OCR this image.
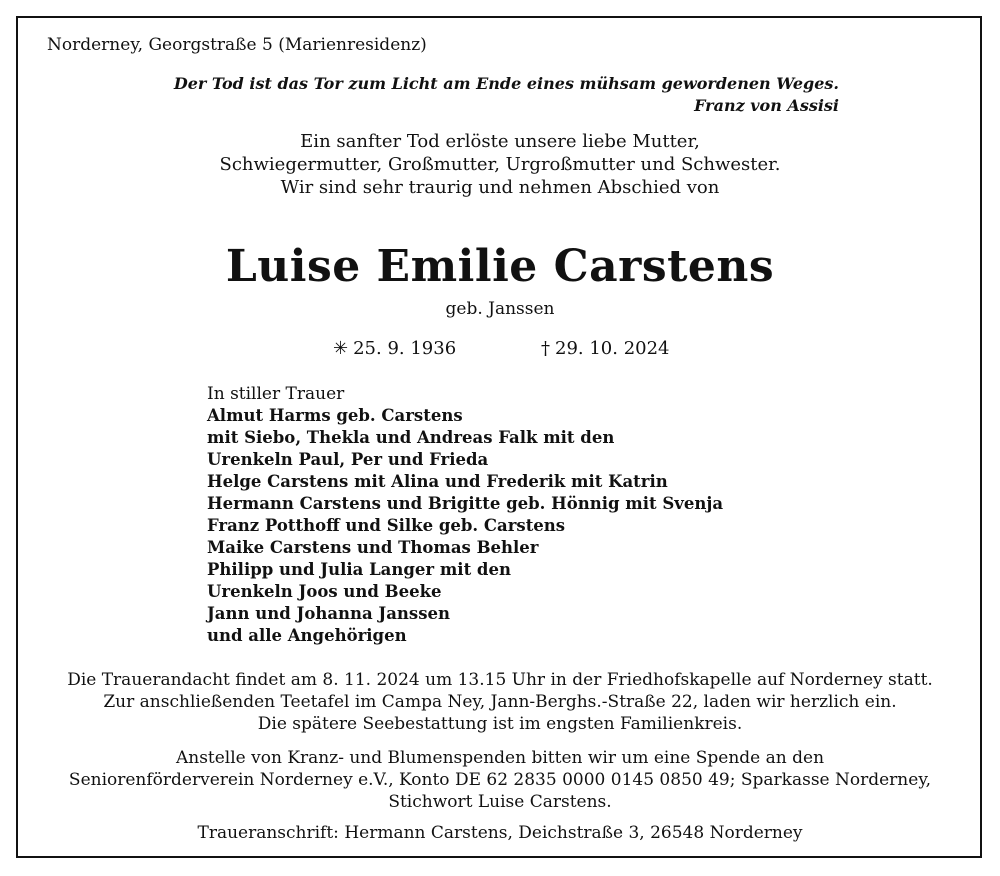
Norderney, Georgstraße 5 (Marienresidenz)
Der Tod ist das Tor zum Licht am Ende eines mühsam gewordenen Weges.
Franz von Assisi
Ein sanfter Tod erlöste unsere liebe Mutter,
Schwiegermutter, Großmutter, Urgroßmutter und Schwester.
Wir sind sehr traurig und nehmen Abschied von
Luise Emilie Carstens
geb. Janssen
✳ 25. 9. 1936	† 29. 10. 2024
In stiller Trauer
Almut Harms geb. Carstens
mit Siebo, Thekla und Andreas Falk mit den
Urenkeln Paul, Per und Frieda
Helge Carstens mit Alina und Frederik mit Katrin
Hermann Carstens und Brigitte geb. Hönnig mit Svenja
Franz Potthoff und Silke geb. Carstens
Maike Carstens und Thomas Behler
Philipp und Julia Langer mit den
Urenkeln Joos und Beeke
Jann und Johanna Janssen
und alle Angehörigen
Die Trauerandacht findet am 8. 11. 2024 um 13.15 Uhr in der Friedhofskapelle auf Norderney statt.
Zur anschließenden Teetafel im Campa Ney, Jann-Berghs.-Straße 22, laden wir herzlich ein.
Die spätere Seebestattung ist im engsten Familienkreis.
Anstelle von Kranz- und Blumenspenden bitten wir um eine Spende an den
Seniorenförderverein Norderney e.V., Konto DE 62 2835 0000 0145 0850 49; Sparkasse Norderney,
Stichwort Luise Carstens.
Traueranschrift: Hermann Carstens, Deichstraße 3, 26548 Norderney
